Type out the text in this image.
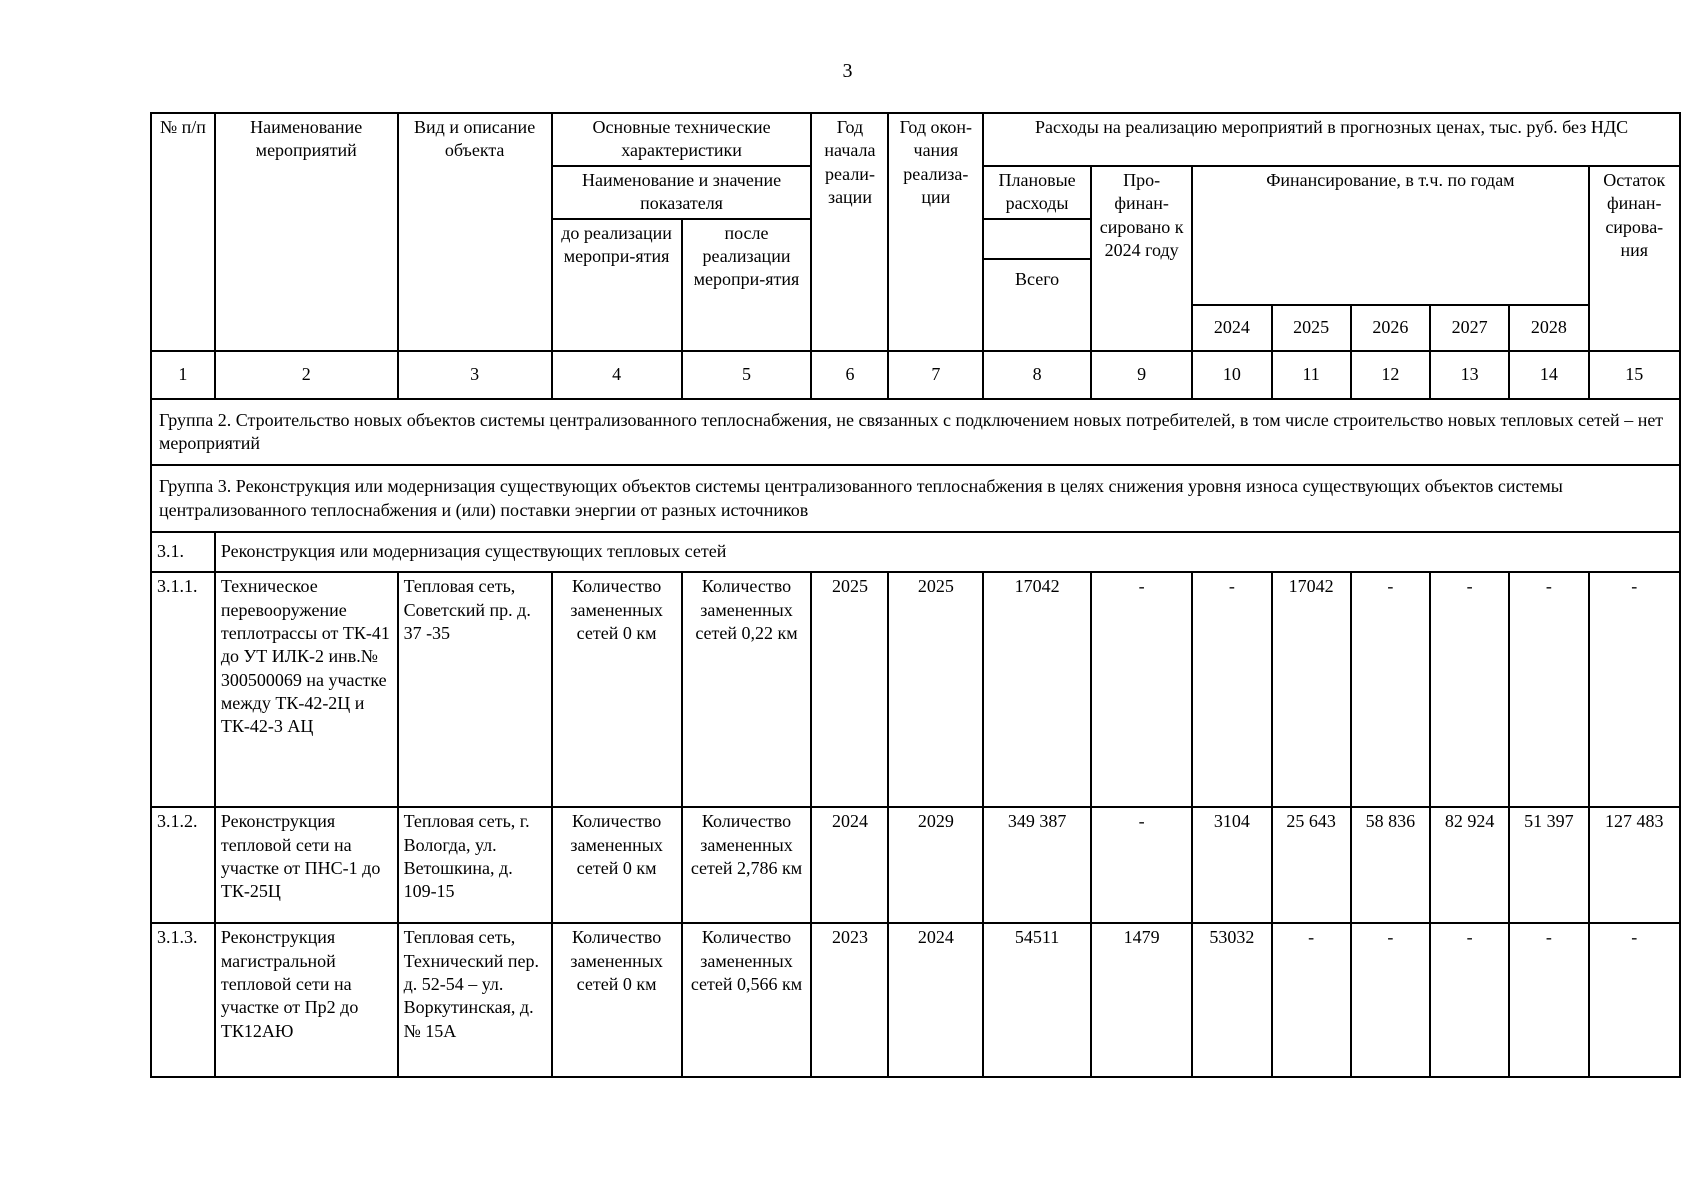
3
№ п/п	Наименование мероприятий	Вид и описание объекта	Основные технические характеристики		Год начала реали-зации	Год окон-чания реализа-ции	Расходы на реализацию мероприятий в прогнозных ценах, тыс. руб. без НДС							
			Наименование и значение показателя				Плановые расходы	Про-финан-сировано к 2024 году	Финансирование, в т.ч. по годам					Остаток финан-сирова-ния
			до реализации меропри-ятия	после реализации меропри-ятия										
							Всего							
									2024	2025	2026	2027	2028	
1	2	3	4	5	6	7	8	9	10	11	12	13	14	15
Группа 2. Строительство новых объектов системы централизованного теплоснабжения, не связанных с подключением новых потребителей, в том числе строительство новых тепловых сетей – нет мероприятий														
Группа 3. Реконструкция или модернизация существующих объектов системы централизованного теплоснабжения в целях снижения уровня износа существующих объектов системы централизованного теплоснабжения и (или) поставки энергии от разных источников														
3.1.	Реконструкция или модернизация существующих тепловых сетей													
3.1.1.	Техническое перевооружение теплотрассы от ТК-41 до УТ ИЛК-2 инв.№ 300500069 на участке между ТК-42-2Ц и ТК-42-3 АЦ	Тепловая сеть, Советский пр. д. 37 -35	Количество замененных сетей 0 км	Количество замененных сетей 0,22 км	2025	2025	17042	-	-	17042	-	-	-	-
3.1.2.	Реконструкция тепловой сети на участке от ПНС-1 до ТК-25Ц	Тепловая сеть, г. Вологда, ул. Ветошкина, д. 109-15	Количество замененных сетей 0 км	Количество замененных сетей 2,786 км	2024	2029	349 387	-	3104	25 643	58 836	82 924	51 397	127 483
3.1.3.	Реконструкция магистральной тепловой сети на участке от Пр2 до ТК12АЮ	Тепловая сеть, Технический пер. д. 52-54 – ул. Воркутинская, д. № 15А	Количество замененных сетей 0 км	Количество замененных сетей 0,566 км	2023	2024	54511	1479	53032	-	-	-	-	-
